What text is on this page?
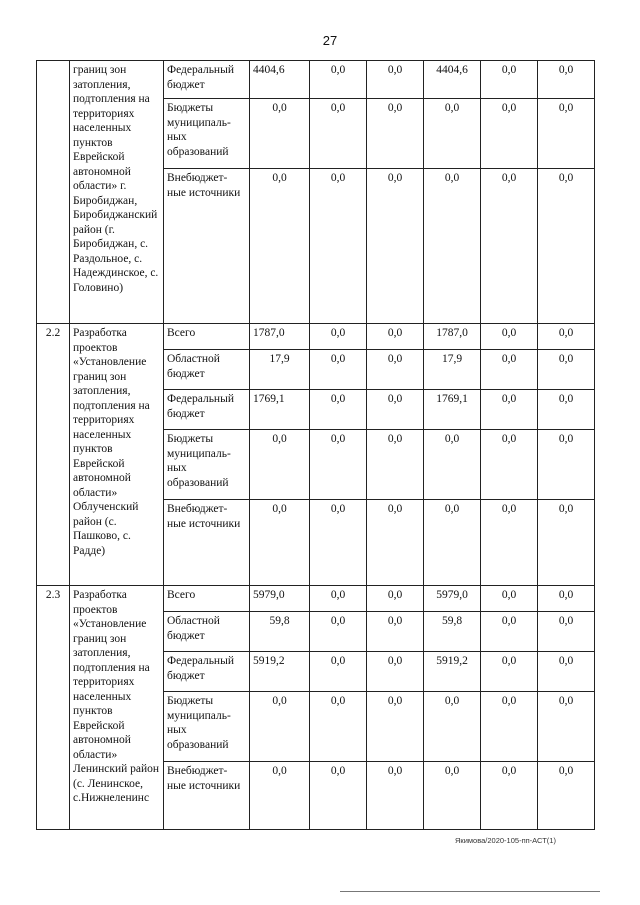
27
	границ зон затопления, подтопления на территориях населенных пунктов Еврейской автономной области» г. Биробиджан, Биробиджанский район (г. Биробиджан, с. Раздольное, с. Надеждинское, с. Головино)	Федеральный бюджет	4404,6	0,0	0,0	4404,6	0,0	0,0
		Бюджеты муниципаль-ных образований	0,0	0,0	0,0	0,0	0,0	0,0
		Внебюджет-ные источники	0,0	0,0	0,0	0,0	0,0	0,0
2.2	Разработка проектов «Установление границ зон затопления, подтопления на территориях населенных пунктов Еврейской автономной области» Облученский район (с. Пашково, с. Радде)	Всего	1787,0	0,0	0,0	1787,0	0,0	0,0
		Областной бюджет	17,9	0,0	0,0	17,9	0,0	0,0
		Федеральный бюджет	1769,1	0,0	0,0	1769,1	0,0	0,0
		Бюджеты муниципаль-ных образований	0,0	0,0	0,0	0,0	0,0	0,0
		Внебюджет-ные источники	0,0	0,0	0,0	0,0	0,0	0,0
2.3	Разработка проектов «Установление границ зон затопления, подтопления на территориях населенных пунктов Еврейской автономной области» Ленинский район (с. Ленинское, с.Нижнеленинс	Всего	5979,0	0,0	0,0	5979,0	0,0	0,0
		Областной бюджет	59,8	0,0	0,0	59,8	0,0	0,0
		Федеральный бюджет	5919,2	0,0	0,0	5919,2	0,0	0,0
		Бюджеты муниципаль-ных образований	0,0	0,0	0,0	0,0	0,0	0,0
		Внебюджет-ные источники	0,0	0,0	0,0	0,0	0,0	0,0
Якимова/2020-105-пп-АСТ(1)
